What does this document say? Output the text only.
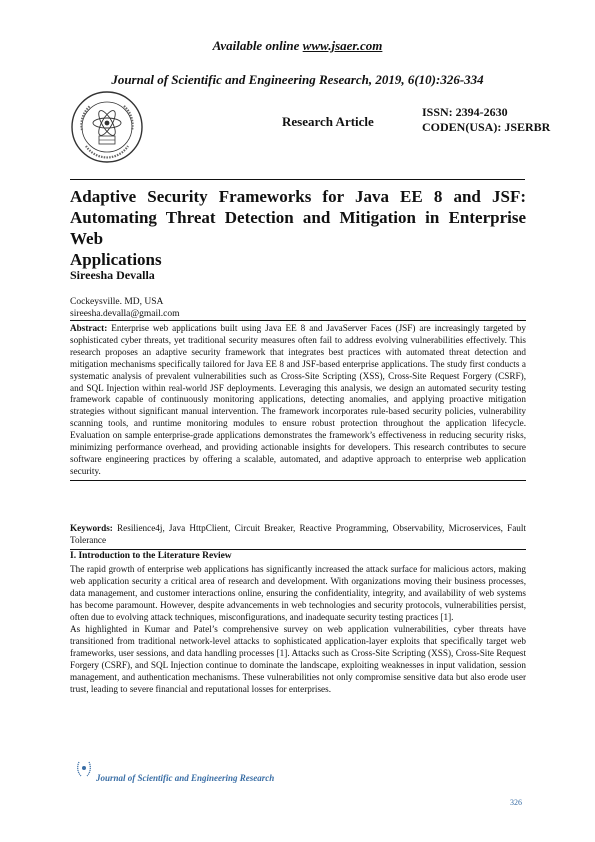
Available online www.jsaer.com
Journal of Scientific and Engineering Research, 2019, 6(10):326-334
Research Article
ISSN: 2394-2630
CODEN(USA): JSERBR
Adaptive Security Frameworks for Java EE 8 and JSF:
Automating Threat Detection and Mitigation in Enterprise Web
Applications
Sireesha Devalla
Cockeysville. MD, USA
sireesha.devalla@gmail.com

Abstract: Enterprise web applications built using Java EE 8 and JavaServer Faces (JSF) are increasingly targeted by sophisticated cyber threats, yet traditional security measures often fail to address evolving vulnerabilities effectively. This research proposes an adaptive security framework that integrates best practices with automated threat detection and mitigation mechanisms specifically tailored for Java EE 8 and JSF-based enterprise applications. The study first conducts a systematic analysis of prevalent vulnerabilities such as Cross-Site Scripting (XSS), Cross-Site Request Forgery (CSRF), and SQL Injection within real-world JSF deployments. Leveraging this analysis, we design an automated security testing framework capable of continuously monitoring applications, detecting anomalies, and applying proactive mitigation strategies without significant manual intervention. The framework incorporates rule-based security policies, vulnerability scanning tools, and runtime monitoring modules to ensure robust protection throughout the application lifecycle. Evaluation on sample enterprise-grade applications demonstrates the framework’s effectiveness in reducing security risks, minimizing performance overhead, and providing actionable insights for developers. This research contributes to secure software engineering practices by offering a scalable, automated, and adaptive approach to enterprise web application security.

Keywords: Resilience4j, Java HttpClient, Circuit Breaker, Reactive Programming, Observability, Microservices, Fault Tolerance
I. Introduction to the Literature Review

The rapid growth of enterprise web applications has significantly increased the attack surface for malicious actors, making web application security a critical area of research and development. With organizations moving their business processes, data management, and customer interactions online, ensuring the confidentiality, integrity, and availability of web systems has become paramount. However, despite advancements in web technologies and security protocols, vulnerabilities persist, often due to evolving attack techniques, misconfigurations, and inadequate security testing practices [1].

As highlighted in Kumar and Patel’s comprehensive survey on web application vulnerabilities, cyber threats have transitioned from traditional network-level attacks to sophisticated application-layer exploits that specifically target web frameworks, user sessions, and data handling processes [1]. Attacks such as Cross-Site Scripting (XSS), Cross-Site Request Forgery (CSRF), and SQL Injection continue to dominate the landscape, exploiting weaknesses in input validation, session management, and authentication mechanisms. These vulnerabilities not only compromise sensitive data but also erode user trust, leading to severe financial and reputational losses for enterprises.

Journal of Scientific and Engineering Research
326
